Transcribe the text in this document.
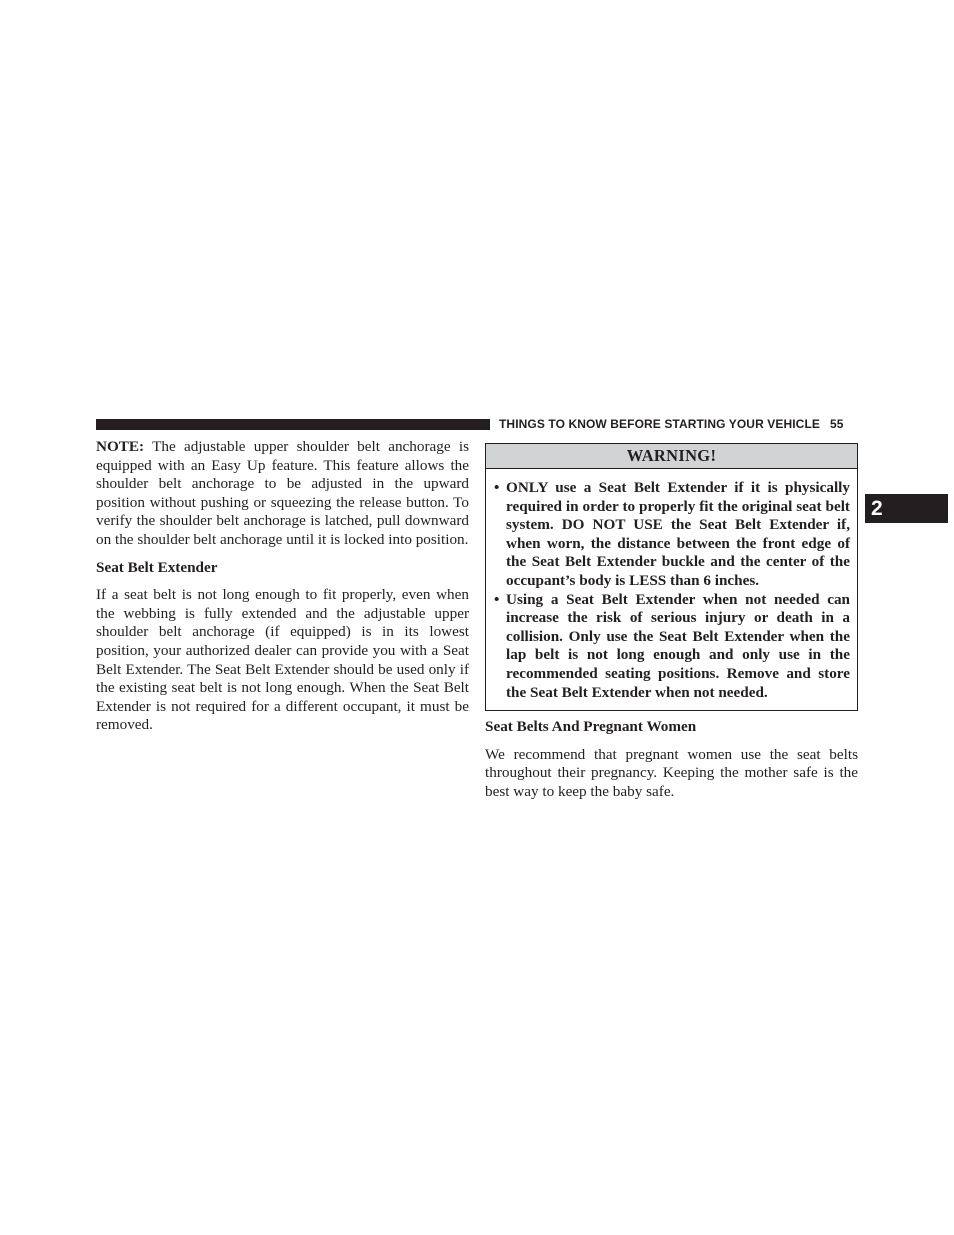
THINGS TO KNOW BEFORE STARTING YOUR VEHICLE 55
2

NOTE: The adjustable upper shoulder belt anchorage is equipped with an Easy Up feature. This feature allows the shoulder belt anchorage to be adjusted in the upward position without pushing or squeezing the release button. To verify the shoulder belt anchorage is latched, pull downward on the shoulder belt anchorage until it is locked into position.

Seat Belt Extender

If a seat belt is not long enough to fit properly, even when the webbing is fully extended and the adjustable upper shoulder belt anchorage (if equipped) is in its lowest position, your authorized dealer can provide you with a Seat Belt Extender. The Seat Belt Extender should be used only if the existing seat belt is not long enough. When the Seat Belt Extender is not required for a different occupant, it must be removed.

WARNING!
• ONLY use a Seat Belt Extender if it is physically required in order to properly fit the original seat belt system. DO NOT USE the Seat Belt Extender if, when worn, the distance between the front edge of the Seat Belt Extender buckle and the center of the occupant’s body is LESS than 6 inches.
• Using a Seat Belt Extender when not needed can increase the risk of serious injury or death in a collision. Only use the Seat Belt Extender when the lap belt is not long enough and only use in the recommended seating positions. Remove and store the Seat Belt Extender when not needed.

Seat Belts And Pregnant Women

We recommend that pregnant women use the seat belts throughout their pregnancy. Keeping the mother safe is the best way to keep the baby safe.
